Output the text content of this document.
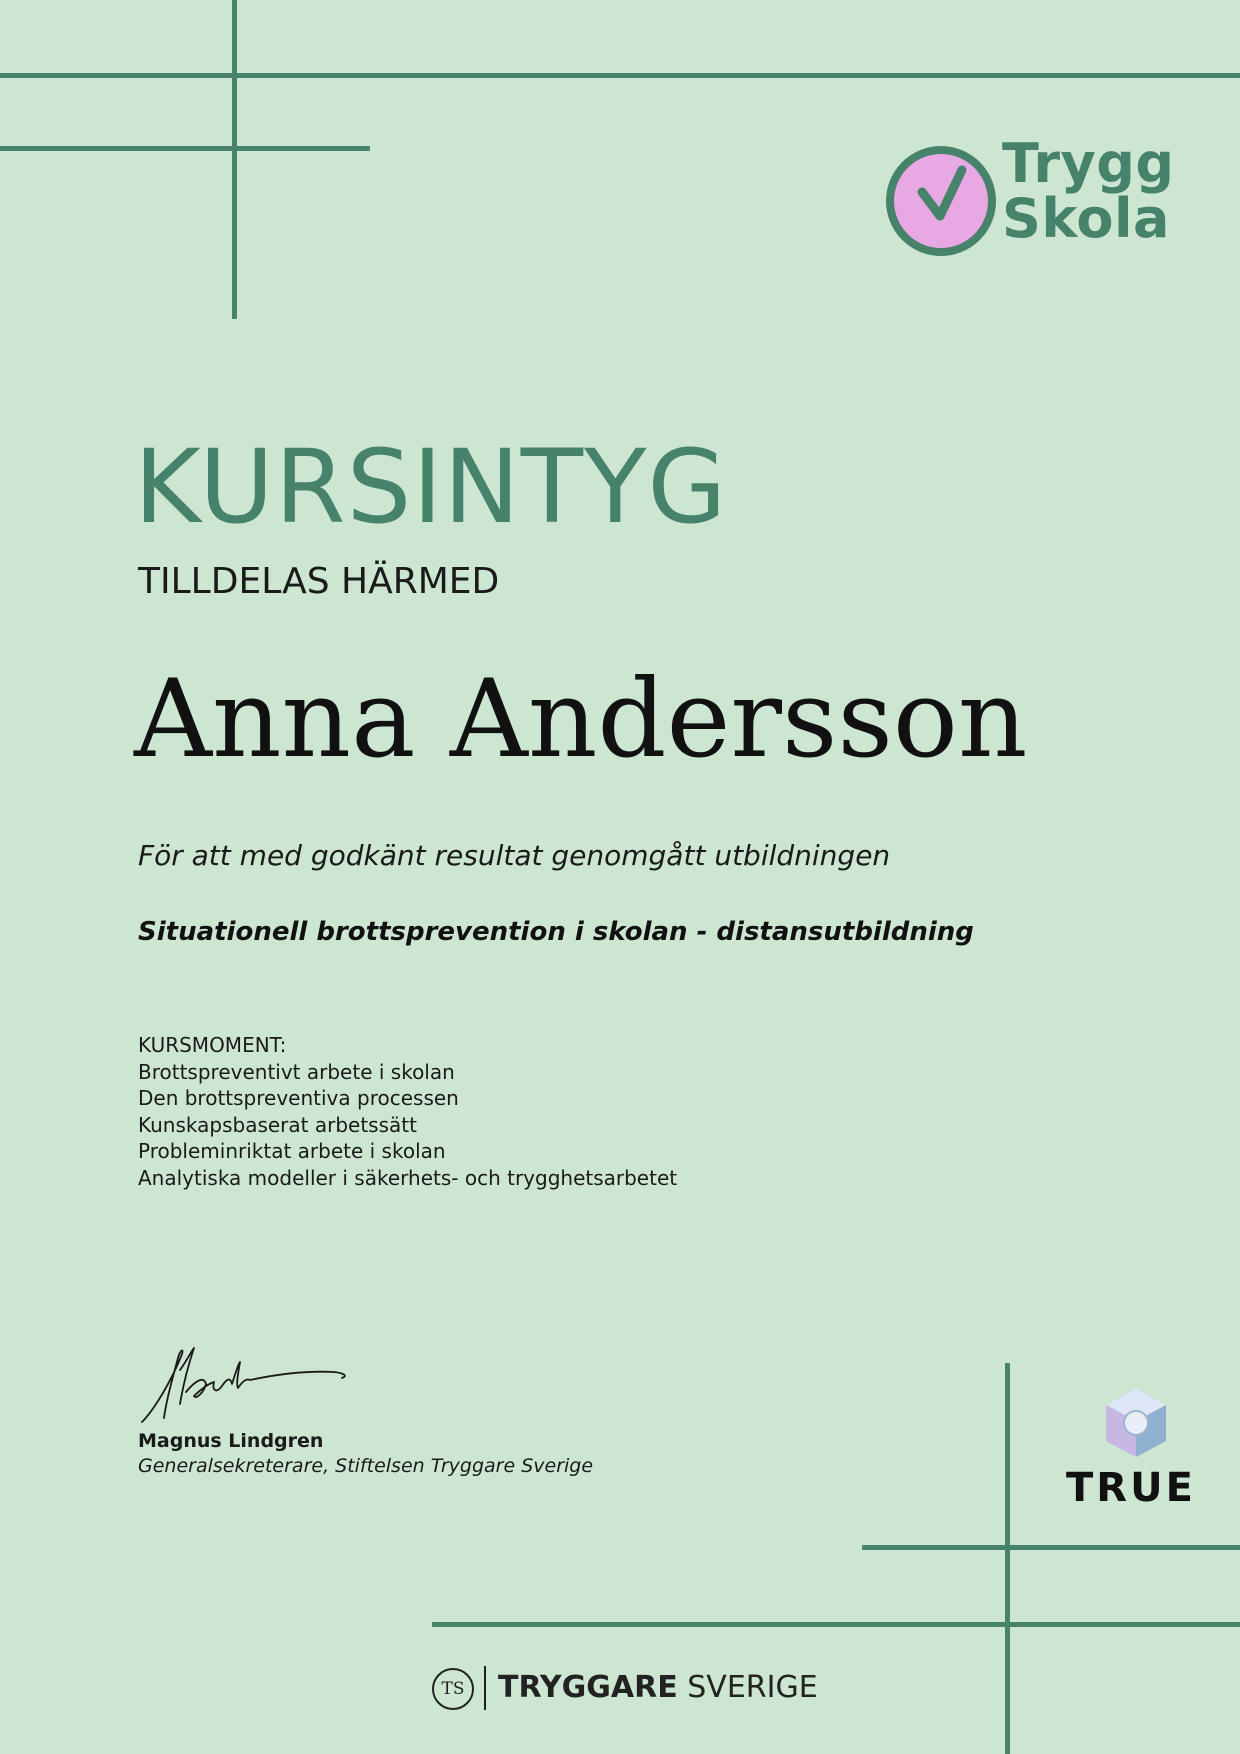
Trygg
Skola
KURSINTYG
TILLDELAS HÄRMED
Anna Andersson
För att med godkänt resultat genomgått utbildningen
Situationell brottsprevention i skolan - distansutbildning
KURSMOMENT:
Brottspreventivt arbete i skolan
Den brottspreventiva processen
Kunskapsbaserat arbetssätt
Probleminriktat arbete i skolan
Analytiska modeller i säkerhets- och trygghetsarbetet
Magnus Lindgren
Generalsekreterare, Stiftelsen Tryggare Sverige	TRUE
TS	TRYGGARE SVERIGE
